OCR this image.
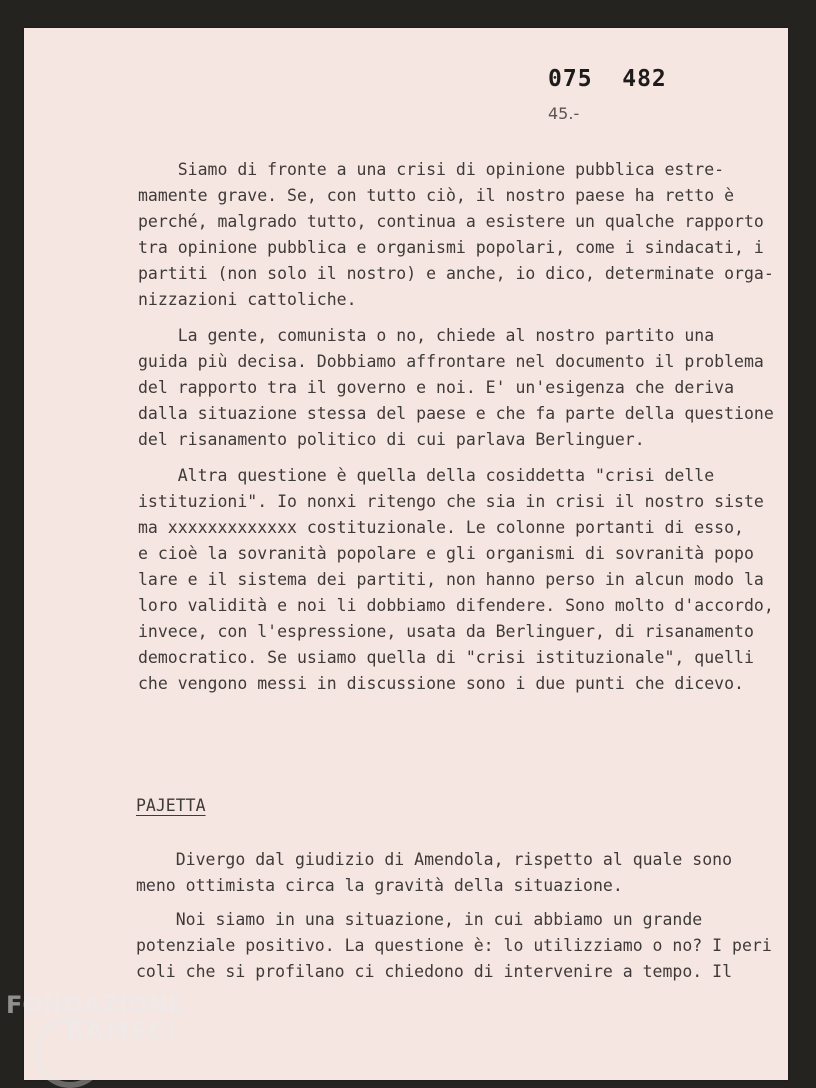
075  482
45.-
Siamo di fronte a una crisi di opinione pubblica estre-
mamente grave. Se, con tutto ciò, il nostro paese ha retto è
perché, malgrado tutto, continua a esistere un qualche rapporto
tra opinione pubblica e organismi popolari, come i sindacati, i
partiti (non solo il nostro) e anche, io dico, determinate orga-
nizzazioni cattoliche.
La gente, comunista o no, chiede al nostro partito una
guida più decisa. Dobbiamo affrontare nel documento il problema
del rapporto tra il governo e noi. E' un'esigenza che deriva
dalla situazione stessa del paese e che fa parte della questione
del risanamento politico di cui parlava Berlinguer.
Altra questione è quella della cosiddetta "crisi delle
istituzioni". Io nonxi ritengo che sia in crisi il nostro siste
ma xxxxxxxxxxxxx costituzionale. Le colonne portanti di esso,
e cioè la sovranità popolare e gli organismi di sovranità popo
lare e il sistema dei partiti, non hanno perso in alcun modo la
loro validità e noi li dobbiamo difendere. Sono molto d'accordo,
invece, con l'espressione, usata da Berlinguer, di risanamento
democratico. Se usiamo quella di "crisi istituzionale", quelli
che vengono messi in discussione sono i due punti che dicevo.
PAJETTA
Divergo dal giudizio di Amendola, rispetto al quale sono
meno ottimista circa la gravità della situazione.
Noi siamo in una situazione, in cui abbiamo un grande
potenziale positivo. La questione è: lo utilizziamo o no? I peri
coli che si profilano ci chiedono di intervenire a tempo. Il
FONDAZIONE
RAMSCI
